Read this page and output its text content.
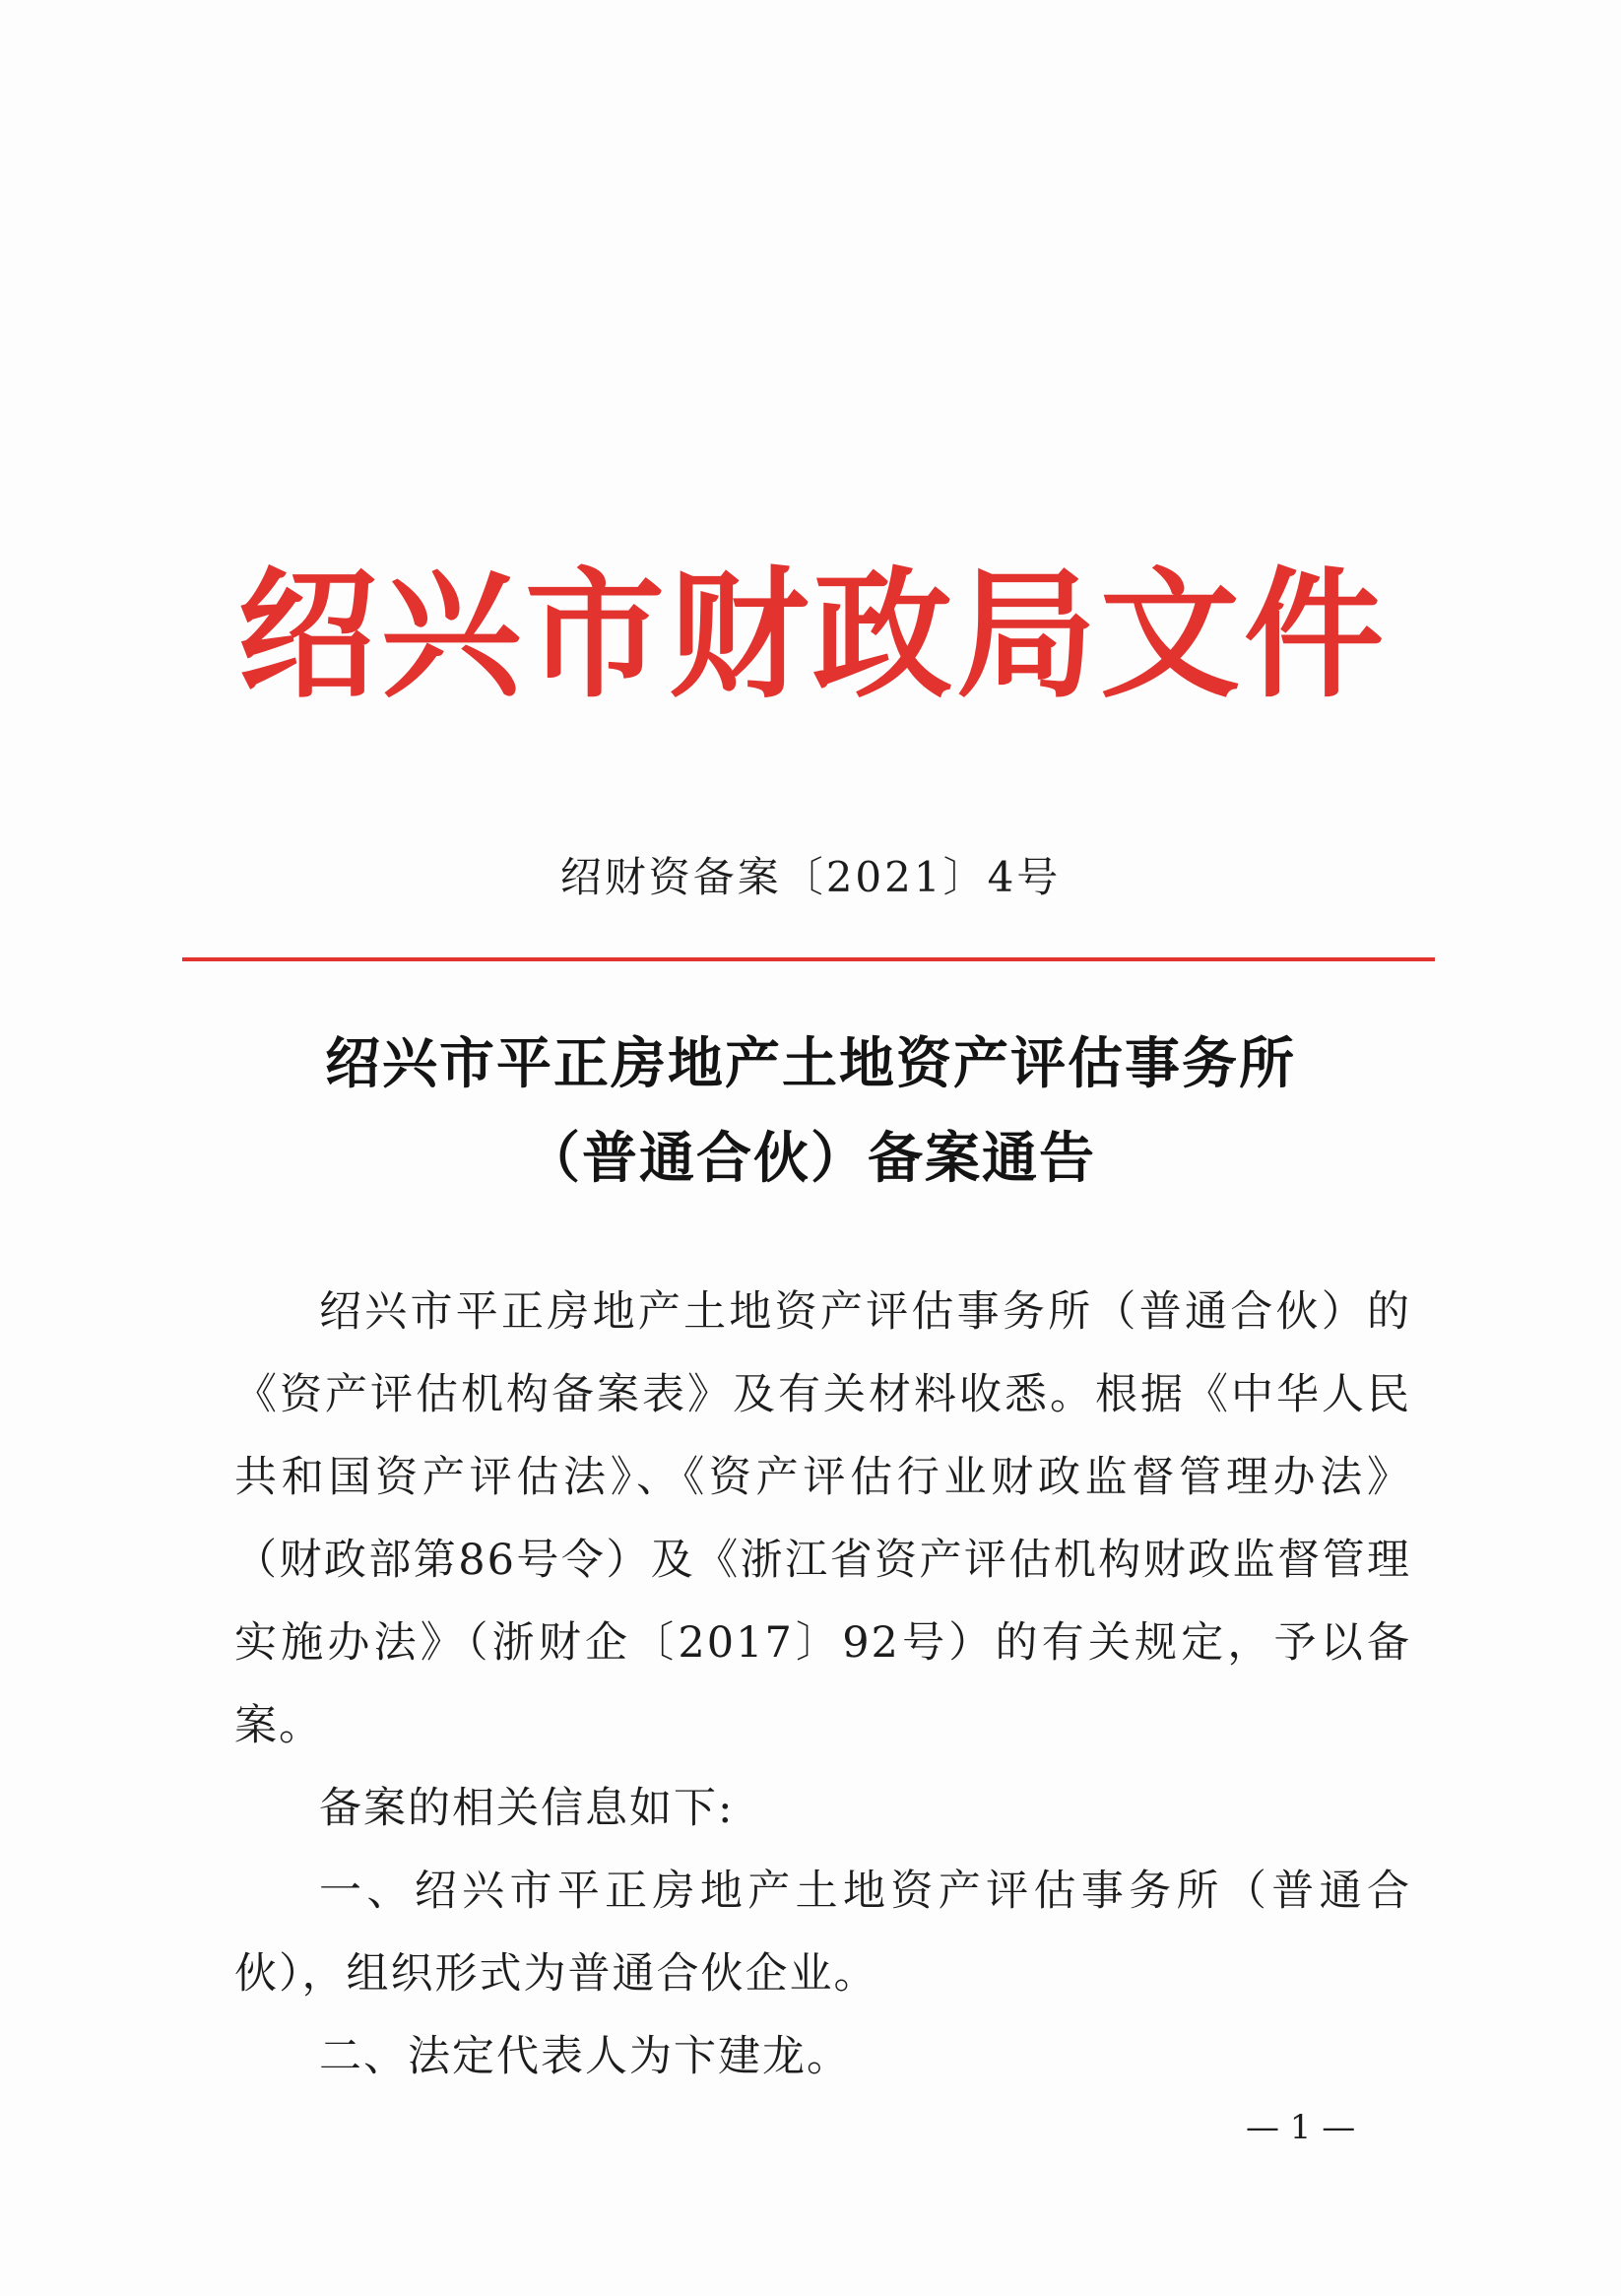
绍兴市财政局文件
绍财资备案〔2021〕4号
绍兴市平正房地产土地资产评估事务所
（普通合伙）备案通告

绍兴市平正房地产土地资产评估事务所（普通合伙）的《资产评估机构备案表》及有关材料收悉。根据《中华人民共和国资产评估法》、《资产评估行业财政监督管理办法》（财政部第86号令）及《浙江省资产评估机构财政监督管理实施办法》（浙财企〔2017〕92号）的有关规定，予以备案。

备案的相关信息如下:

一、绍兴市平正房地产土地资产评估事务所（普通合伙），组织形式为普通合伙企业。

二、法定代表人为卞建龙。

— 1 —
